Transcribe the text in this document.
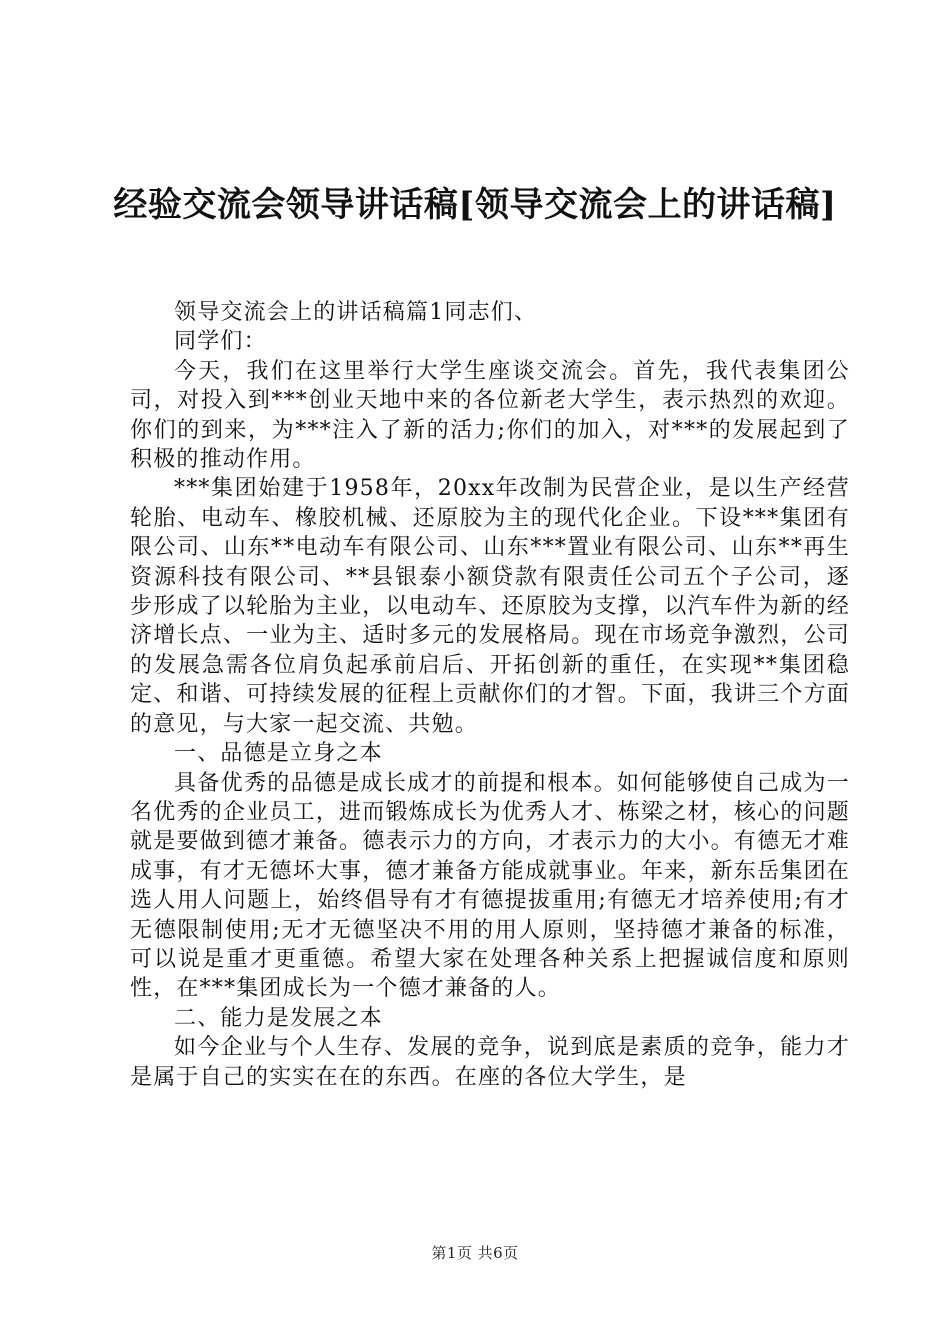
经验交流会领导讲话稿[领导交流会上的讲话稿]

领导交流会上的讲话稿篇1同志们、

同学们：

今天，我们在这里举行大学生座谈交流会。首先，我代表集团公司，对投入到***创业天地中来的各位新老大学生，表示热烈的欢迎。你们的到来，为***注入了新的活力;你们的加入，对***的发展起到了积极的推动作用。

***集团始建于1958年，20xx年改制为民营企业，是以生产经营轮胎、电动车、橡胶机械、还原胶为主的现代化企业。下设***集团有限公司、山东**电动车有限公司、山东***置业有限公司、山东**再生资源科技有限公司、**县银泰小额贷款有限责任公司五个子公司，逐步形成了以轮胎为主业，以电动车、还原胶为支撑，以汽车件为新的经济增长点、一业为主、适时多元的发展格局。现在市场竞争激烈，公司的发展急需各位肩负起承前启后、开拓创新的重任，在实现**集团稳定、和谐、可持续发展的征程上贡献你们的才智。下面，我讲三个方面的意见，与大家一起交流、共勉。

一、品德是立身之本

具备优秀的品德是成长成才的前提和根本。如何能够使自己成为一名优秀的企业员工，进而锻炼成长为优秀人才、栋梁之材，核心的问题就是要做到德才兼备。德表示力的方向，才表示力的大小。有德无才难成事，有才无德坏大事，德才兼备方能成就事业。年来，新东岳集团在选人用人问题上，始终倡导有才有德提拔重用;有德无才培养使用;有才无德限制使用;无才无德坚决不用的用人原则，坚持德才兼备的标准，可以说是重才更重德。希望大家在处理各种关系上把握诚信度和原则性，在***集团成长为一个德才兼备的人。

二、能力是发展之本

如今企业与个人生存、发展的竞争，说到底是素质的竞争，能力才是属于自己的实实在在的东西。在座的各位大学生，是

第1页 共6页
